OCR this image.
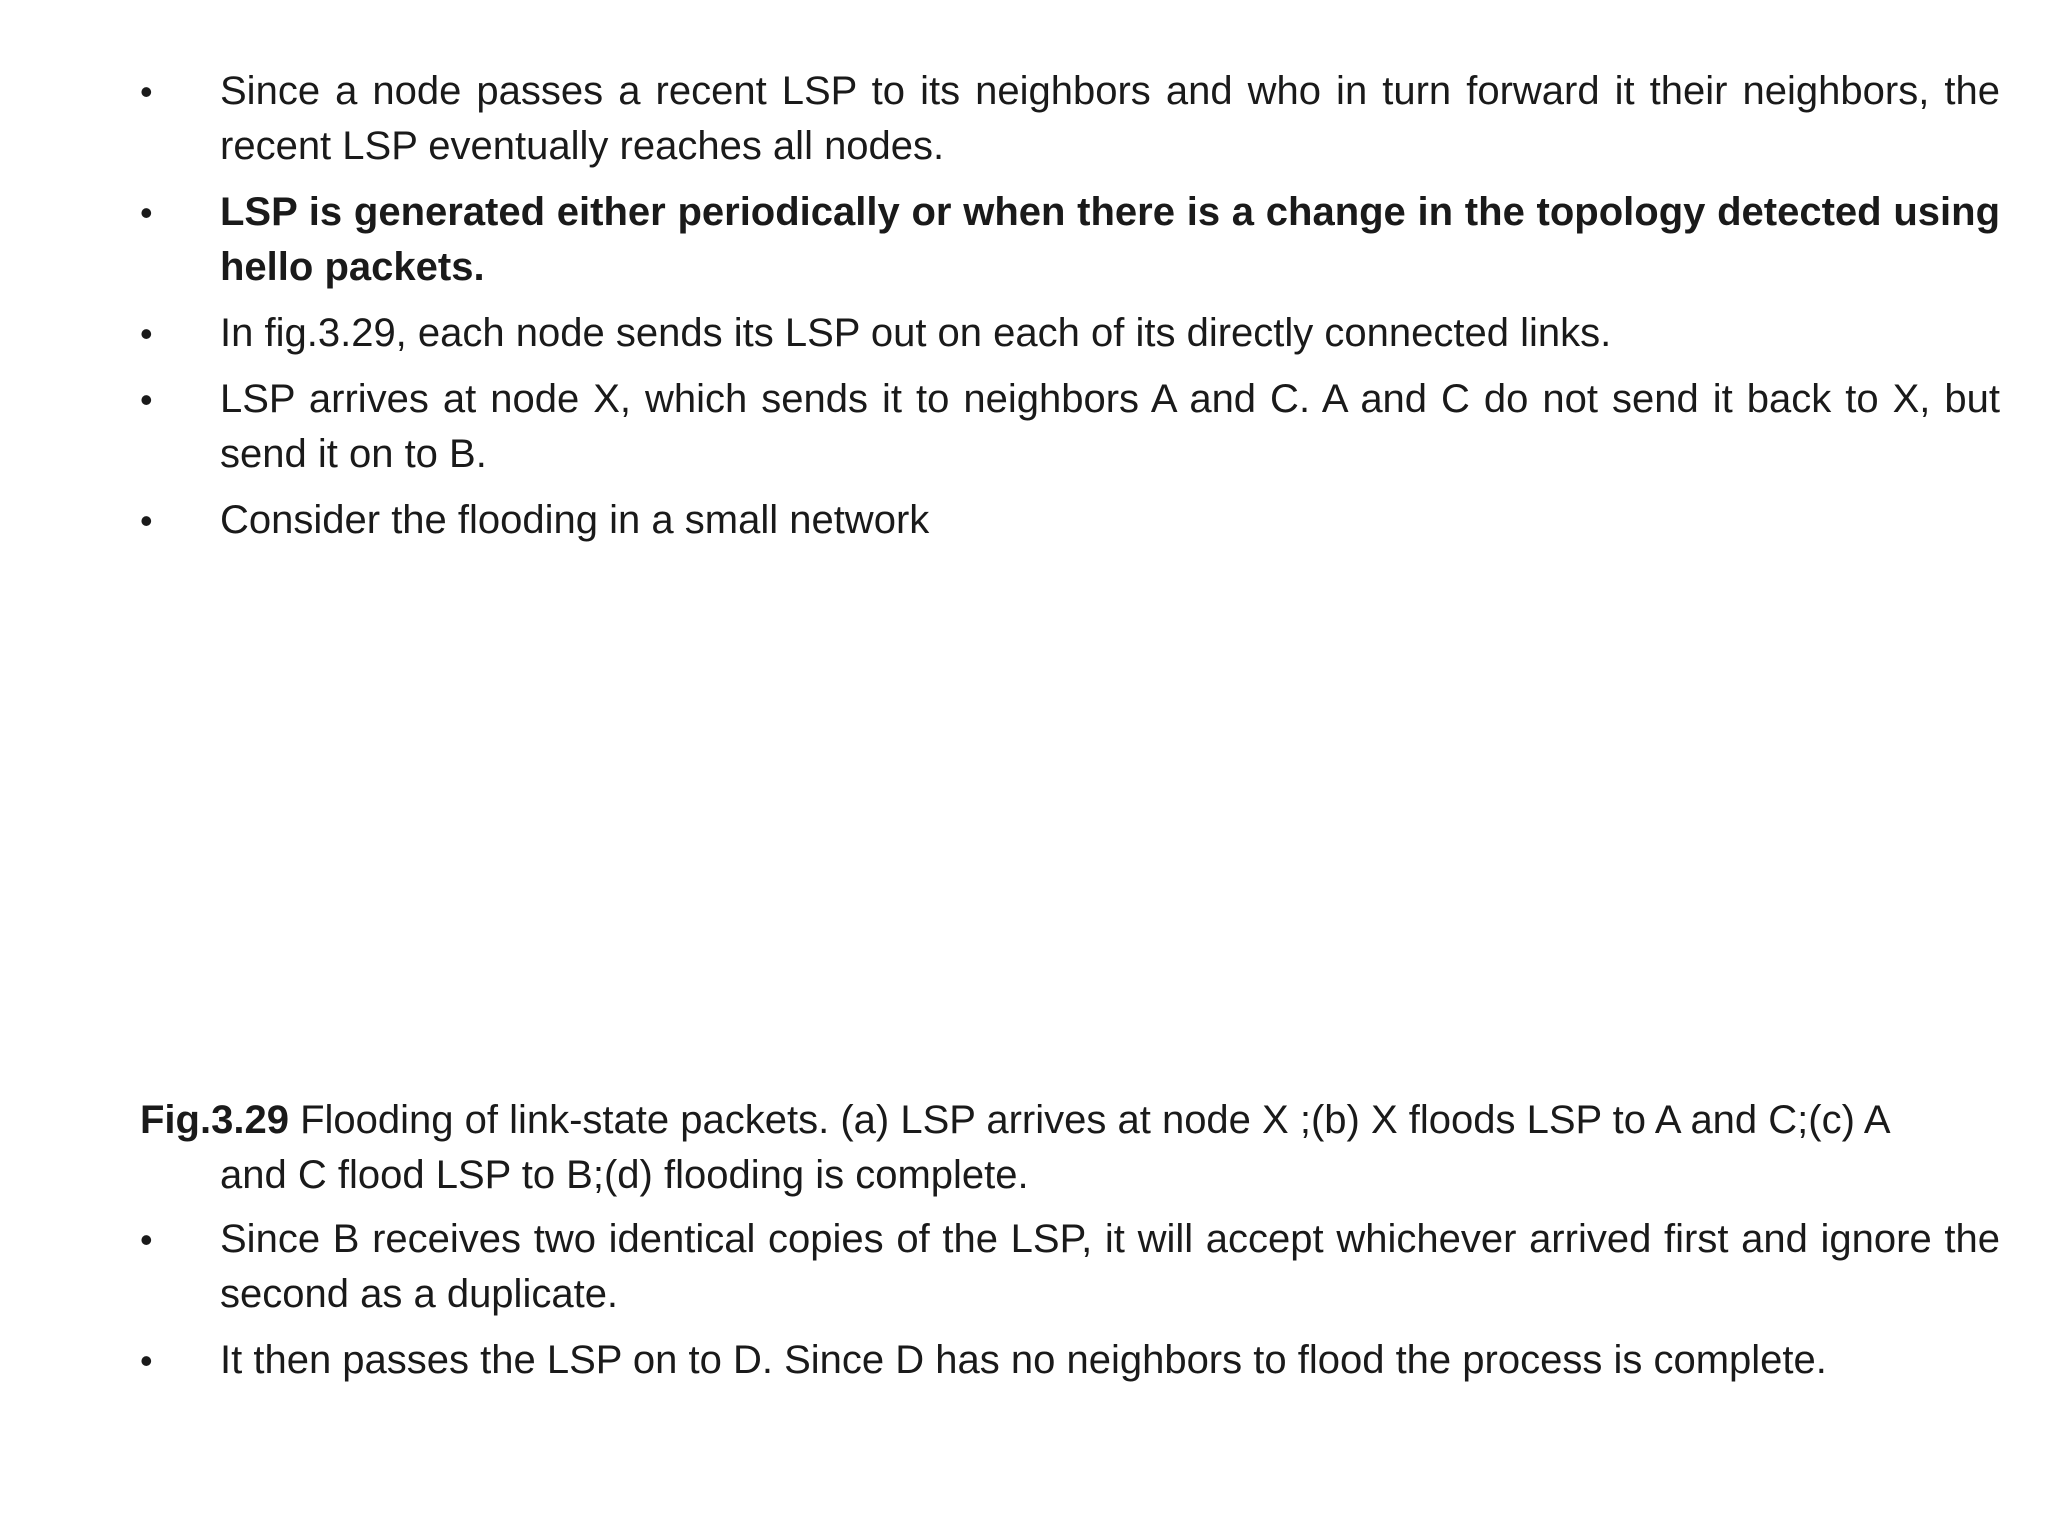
•	Since a node passes a recent LSP to its neighbors and who in turn forward it their neighbors, the recent LSP eventually reaches all nodes.
•	LSP is generated either periodically or when there is a change in the topology detected using hello packets.
•	In fig.3.29, each node sends its LSP out on each of its directly connected links.
•	LSP arrives at node X, which sends it to neighbors A and C. A and C do not send it back to X, but send it on to B.
•	Consider the flooding in a small network
Fig.3.29 Flooding of link-state packets. (a) LSP arrives at node X ;(b) X floods LSP to A and C;(c) A
and C flood LSP to B;(d) flooding is complete.
•	Since B receives two identical copies of the LSP, it will accept whichever arrived first and ignore the second as a duplicate.
•	It then passes the LSP on to D. Since D has no neighbors to flood the process is complete.
